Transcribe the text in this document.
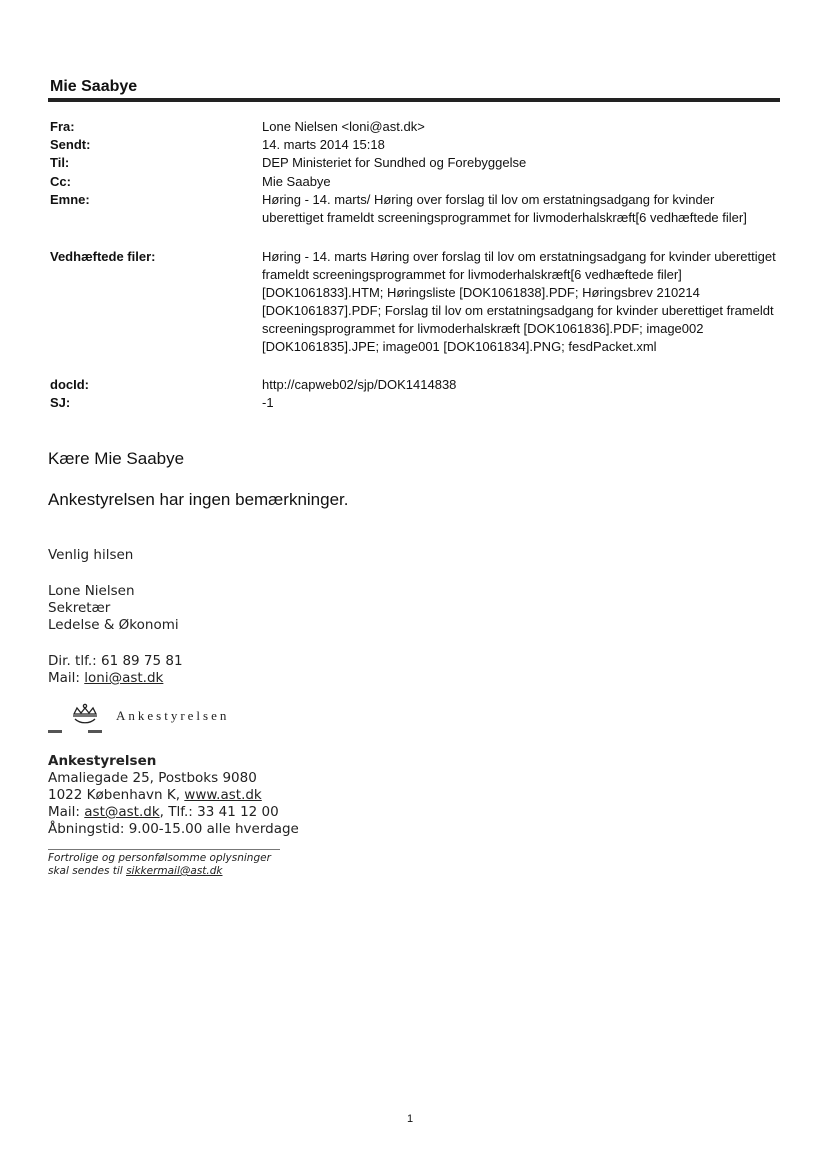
Mie Saabye
Fra:	Lone Nielsen <loni@ast.dk>
Sendt:	14. marts 2014 15:18
Til:	DEP Ministeriet for Sundhed og Forebyggelse
Cc:	Mie Saabye
Emne:	Høring - 14. marts/ Høring over forslag til lov om erstatningsadgang for kvinder uberettiget frameldt screeningsprogrammet for livmoderhalskræft[6 vedhæftede filer]
Vedhæftede filer:	Høring - 14. marts Høring over forslag til lov om erstatningsadgang for kvinder uberettiget frameldt screeningsprogrammet for livmoderhalskræft[6 vedhæftede filer] [DOK1061833].HTM; Høringsliste [DOK1061838].PDF; Høringsbrev 210214 [DOK1061837].PDF; Forslag til lov om erstatningsadgang for kvinder uberettiget frameldt screeningsprogrammet for livmoderhalskræft [DOK1061836].PDF; image002 [DOK1061835].JPE; image001 [DOK1061834].PNG; fesdPacket.xml
docId:	http://capweb02/sjp/DOK1414838
SJ:	-1
Kære Mie Saabye
Ankestyrelsen har ingen bemærkninger.
Venlig hilsen
Lone Nielsen
Sekretær
Ledelse & Økonomi
Dir. tlf.: 61 89 75 81
Mail: loni@ast.dk
Ankestyrelsen
Ankestyrelsen
Amaliegade 25, Postboks 9080
1022 København K, www.ast.dk
Mail: ast@ast.dk, Tlf.: 33 41 12 00
Åbningstid: 9.00-15.00 alle hverdage
Fortrolige og personfølsomme oplysninger
skal sendes til sikkermail@ast.dk
1
